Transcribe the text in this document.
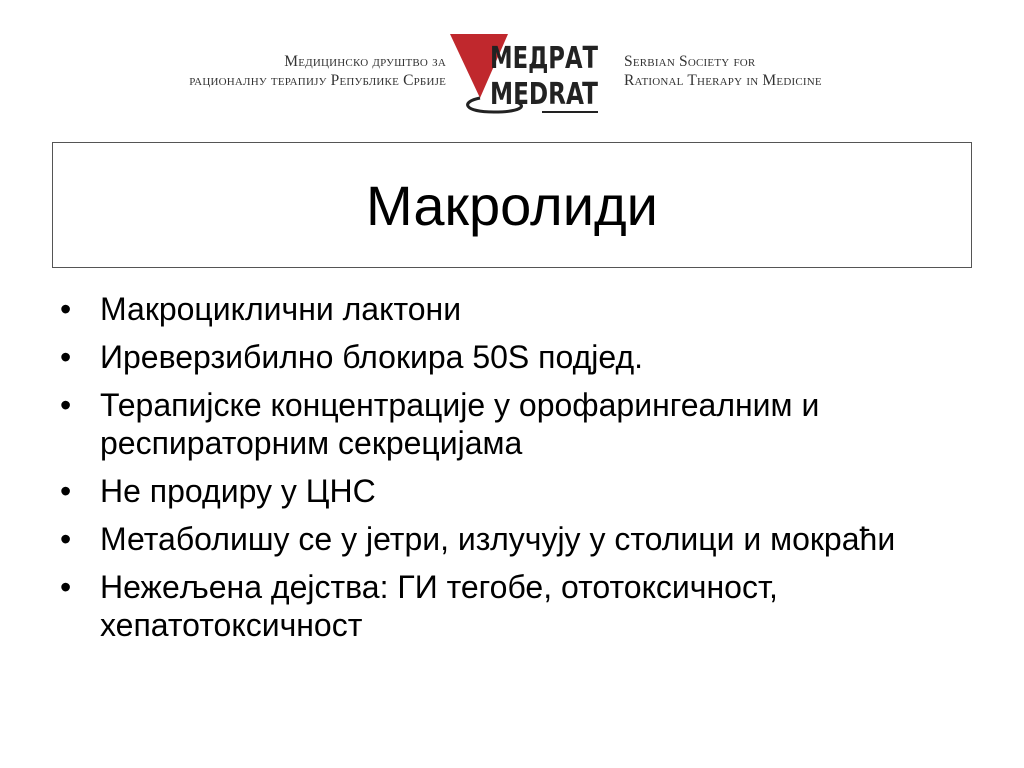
Медицинско друштво за
рационалну терапију Републике Србије
МЕДРАТ
MEDRAT
Serbian Society for
Rational Therapy in Medicine
Макролиди
• Макроциклични лактони
• Иреверзибилно блокира 50S подјед.
• Терапијске концентрације у орофарингеалним и респираторним секрецијама
• Не продиру у ЦНС
• Метаболишу се у јетри, излучују у столици и мокраћи
• Нежељена дејства: ГИ тегобе, ототоксичност, хепатотоксичност
